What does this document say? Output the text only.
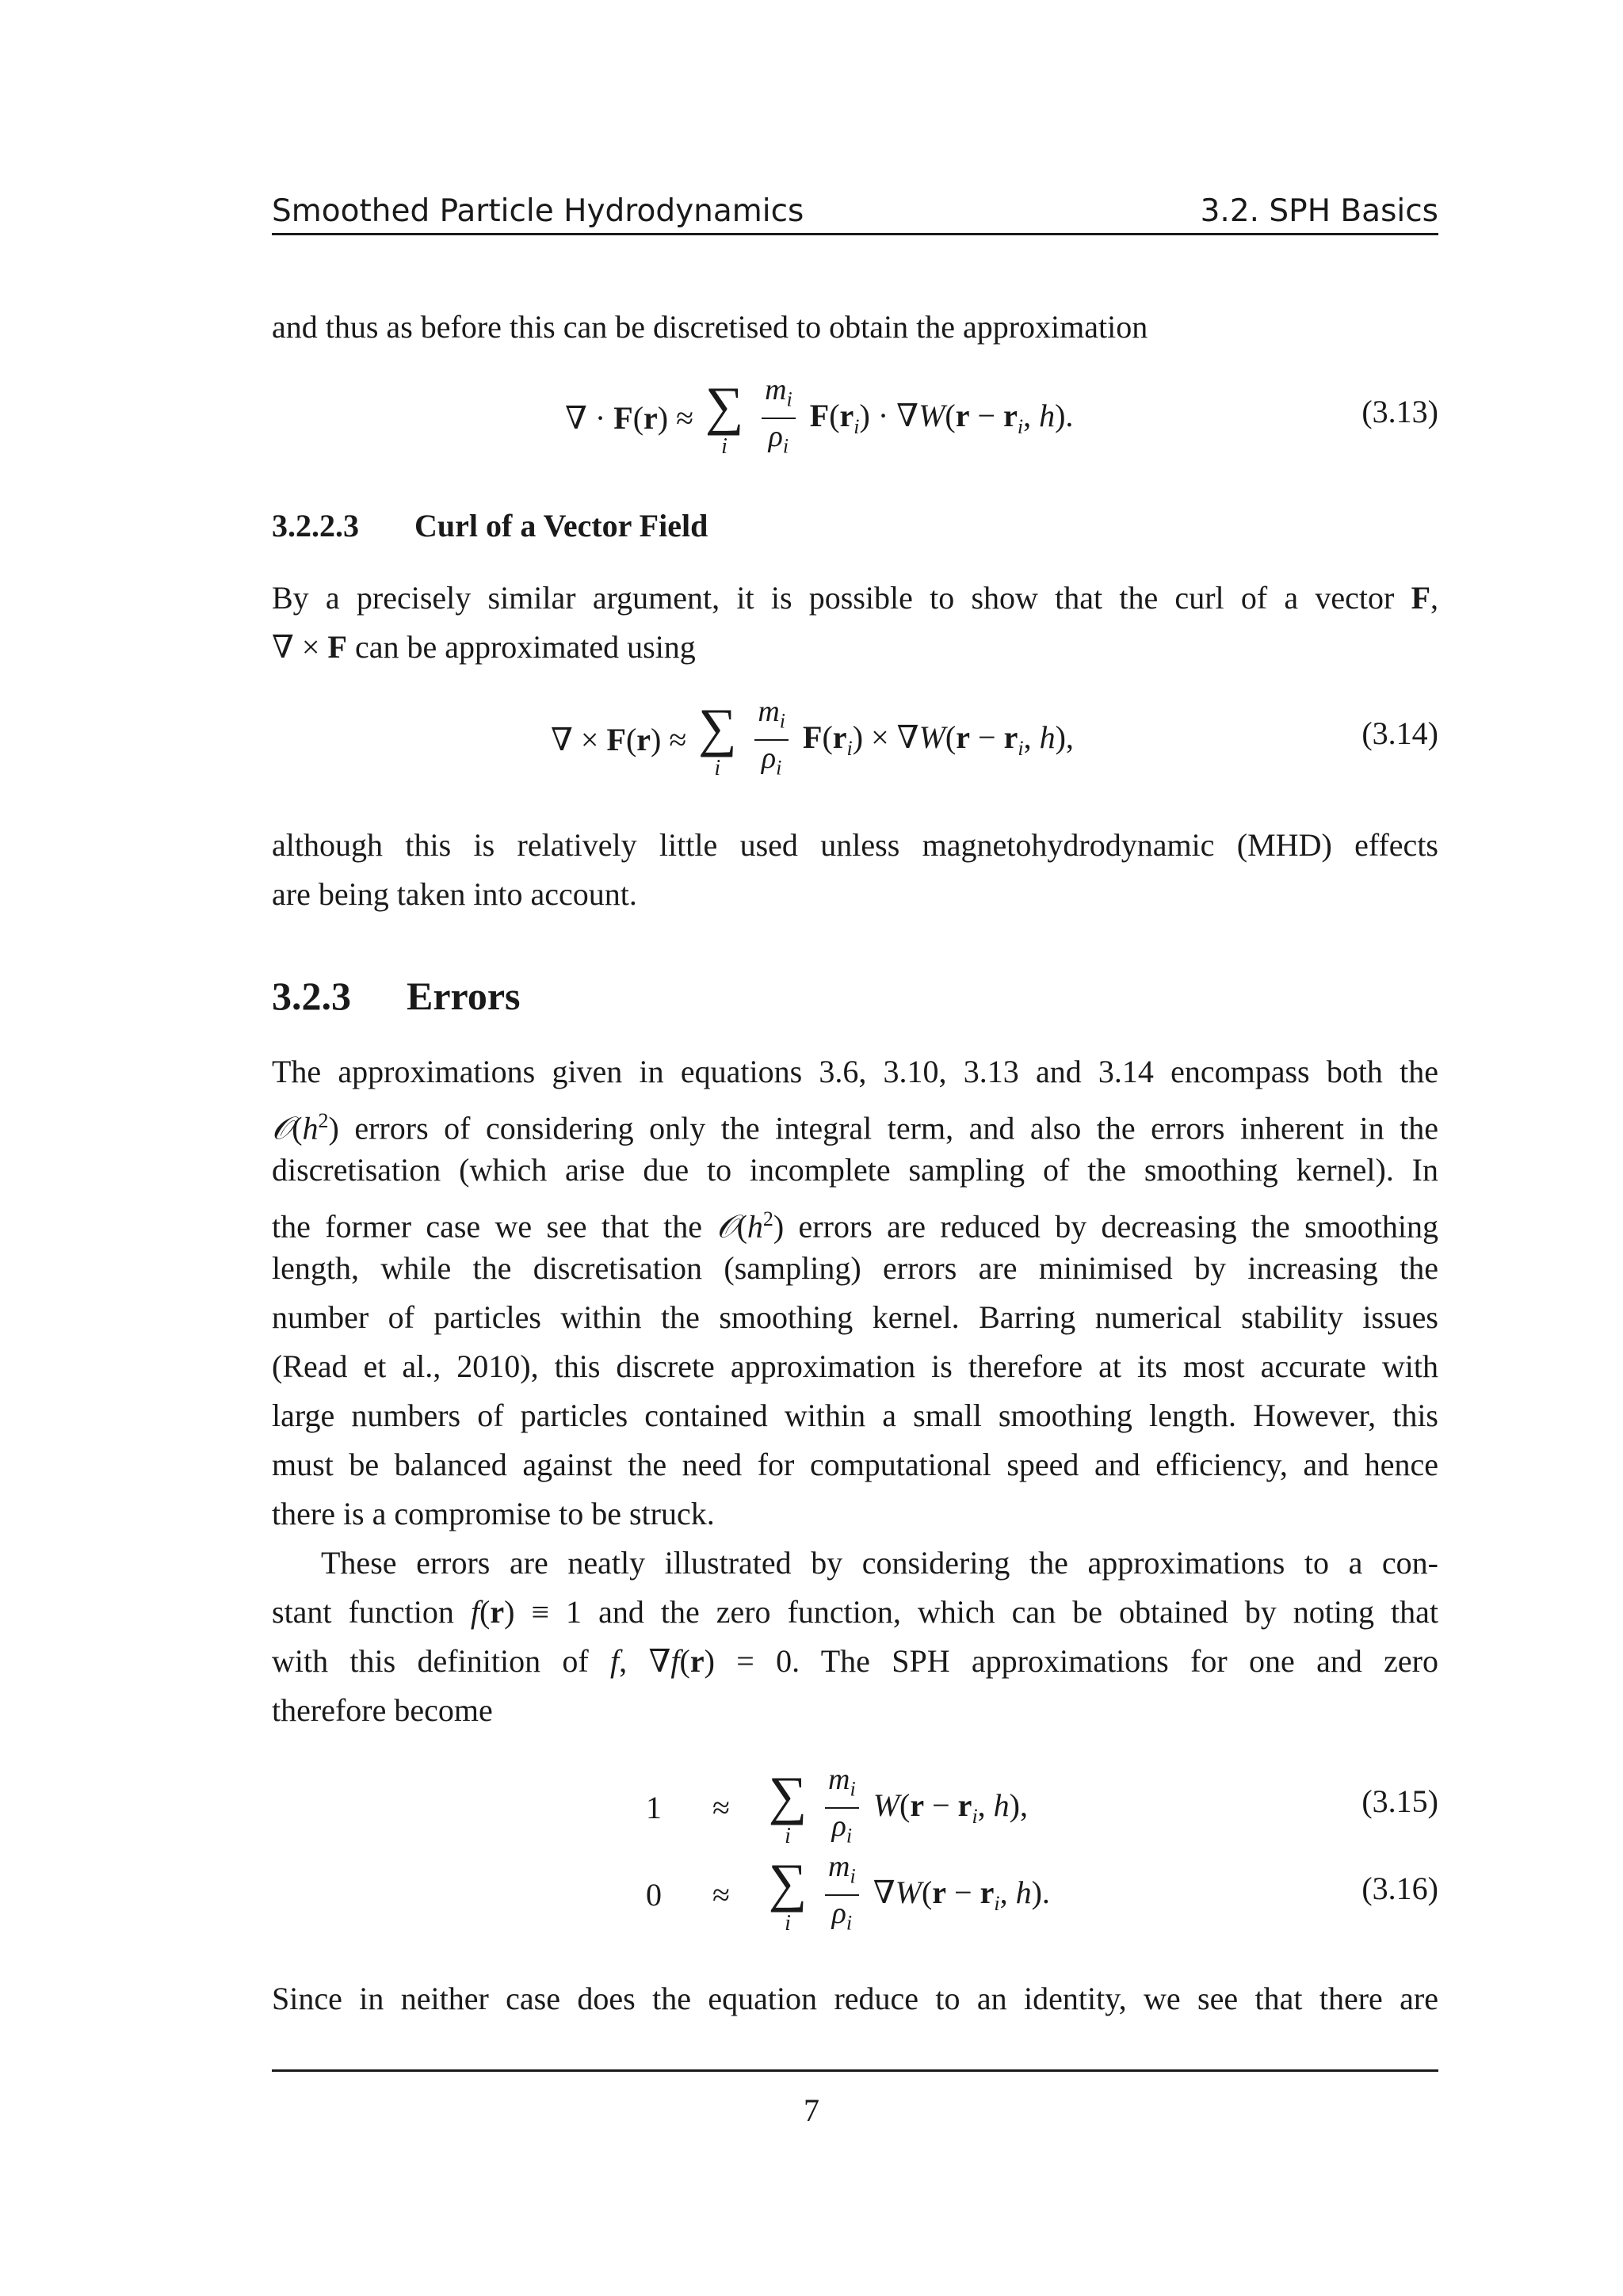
Smoothed Particle Hydrodynamics	3.2. SPH Basics
and thus as before this can be discretised to obtain the approximation
∇ · F(r) ≈ ∑
i
	$\frac{m_i}{\rho_i} F(r_i) \cdot \nabla W(r - r_i$, h).	(3.13)
3.2.2.3 Curl of a Vector Field
By a precisely similar argument, it is possible to show that the curl of a vector F,
∇ × F can be approximated using
∇ × F(r) ≈ ∑
i
	$\frac{m_i}{\rho_i} F(r_i) \times \nabla W(r - r_i$, h),	(3.14)
although this is relatively little used unless magnetohydrodynamic (MHD) effects
are being taken into account.
3.2.3 Errors
The approximations given in equations 3.6, 3.10, 3.13 and 3.14 encompass both the
$𝒪(h^2)$ errors of considering only the integral term, and also the errors inherent in the
discretisation (which arise due to incomplete sampling of the smoothing kernel). In
the former case we see that the $𝒪(h^2)$ errors are reduced by decreasing the smoothing
length, while the discretisation (sampling) errors are minimised by increasing the
number of particles within the smoothing kernel. Barring numerical stability issues
(Read et al., 2010), this discrete approximation is therefore at its most accurate with
large numbers of particles contained within a small smoothing length. However, this
must be balanced against the need for computational speed and efficiency, and hence
there is a compromise to be struck.
These errors are neatly illustrated by considering the approximations to a con-
stant function f(r) ≡ 1 and the zero function, which can be obtained by noting that
with this definition of f, ∇f(r) = 0. The SPH approximations for one and zero
therefore become
1 ≈ ∑
i
	$\frac{m_i}{\rho_i} W(r - r_i$, h),	(3.15)
0 ≈ ∑
i
	$\frac{m_i}{\rho_i} \nabla W(r - r_i$, h).	(3.16)
Since in neither case does the equation reduce to an identity, we see that there are
7
